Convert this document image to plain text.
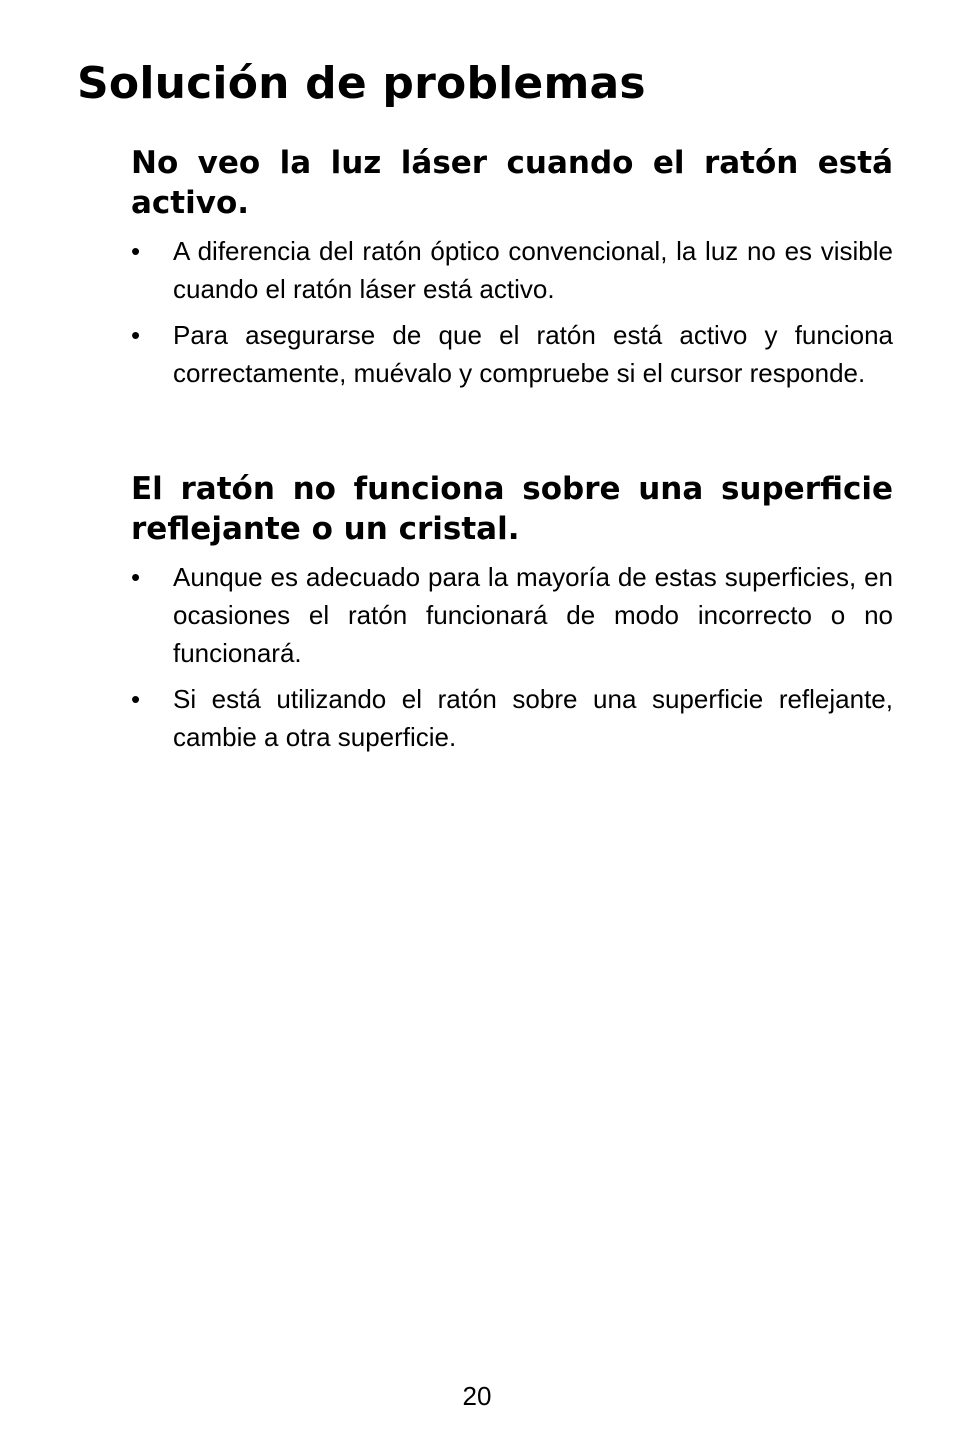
Solución de problemas
No veo la luz láser cuando el ratón está activo.
• A diferencia del ratón óptico convencional, la luz no es visible cuando el ratón láser está activo.
• Para asegurarse de que el ratón está activo y funciona correctamente, muévalo y compruebe si el cursor responde.
El ratón no funciona sobre una superficie reflejante o un cristal.
• Aunque es adecuado para la mayoría de estas superficies, en ocasiones el ratón funcionará de modo incorrecto o no funcionará.
• Si está utilizando el ratón sobre una superficie reflejante, cambie a otra superficie.
20
